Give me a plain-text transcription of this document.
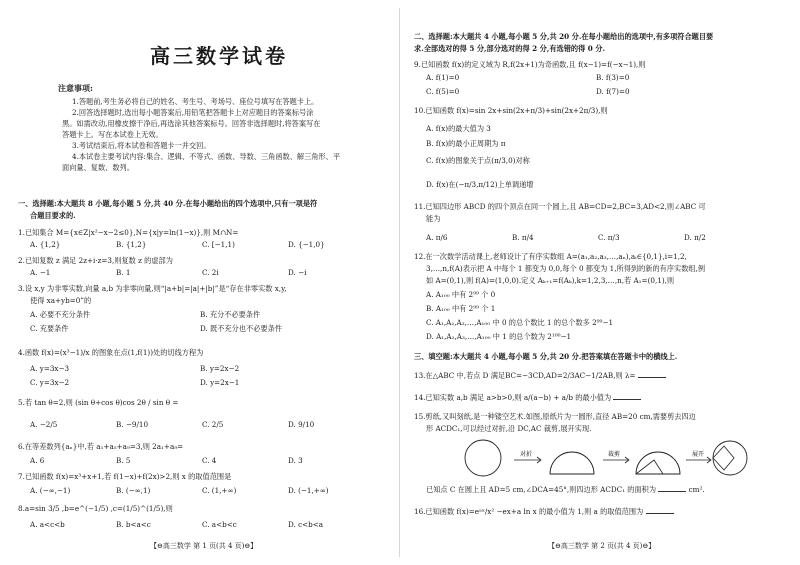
高三数学试卷
注意事项:
1.答题前,考生务必将自己的姓名、考生号、考场号、座位号填写在答题卡上。
2.回答选择题时,选出每小题答案后,用铅笔把答题卡上对应题目的答案标号涂
黑。如需改动,用橡皮擦干净后,再选涂其他答案标号。回答非选择题时,将答案写在
答题卡上。写在本试卷上无效。
3.考试结束后,将本试卷和答题卡一并交回。
4.本试卷主要考试内容:集合、逻辑、不等式、函数、导数、三角函数、解三角形、平
面向量、复数、数列。
一、选择题:本大题共 8 小题,每小题 5 分,共 40 分.在每小题给出的四个选项中,只有一项是符
合题目要求的.
1.已知集合 M={x∈Z|x²−x−2≤0},N={x|y=ln(1−x)},则 M∩N=
A. {1,2}	B. {1,2}	C. [−1,1)	D. {−1,0}
2.已知复数 z 满足 2z+i·z=3,则复数 z 的虚部为
A. −1	B. 1	C. 2i	D. −i
3.设 x,y 为非零实数,向量 a,b 为非零向量,则“|a+b|=|a|+|b|”是“存在非零实数 x,y,
使得 xa+yb=0”的
A. 必要不充分条件	B. 充分不必要条件
C. 充要条件	D. 既不充分也不必要条件
4.函数 f(x)=(x³−1)/x 的图象在点(1,f(1))处的切线方程为
A. y=3x−3	B. y=2x−2
C. y=3x−2	D. y=2x−1
5.若 tan θ=2,则 (sin θ+cos θ)cos 2θ / sin θ =
A. −2/5	B. −9/10	C. 2/5	D. 9/10
6.在等差数列{aₙ}中,若 a₁+a₅+a₉=3,则 2a₁+a₉=
A. 6	B. 5	C. 4	D. 3
7.已知函数 f(x)=x³+x+1,若 f(1−x)+f(2x)>2,则 x 的取值范围是
A. (−∞,−1)	B. (−∞,1)	C. (1,+∞)	D. (−1,+∞)
8.a=sin 3/5 ,b=e^(−1/5) ,c=(1/5)^(1/5),则
A. a<c<b	B. b<a<c	C. a<b<c	D. c<b<a
【⊖高三数学 第 1 页(共 4 页)⊖】
二、选择题:本大题共 4 小题,每小题 5 分,共 20 分.在每小题给出的选项中,有多项符合题目要
求.全部选对的得 5 分,部分选对的得 2 分,有选错的得 0 分.
9.已知函数 f(x)的定义域为 R,f(2x+1)为奇函数,且 f(x−1)=f(−x−1),则
A. f(1)=0	B. f(3)=0
C. f(5)=0	D. f(7)=0
10.已知函数 f(x)=sin 2x+sin(2x+π/3)+sin(2x+2π/3),则
A. f(x)的最大值为 3
B. f(x)的最小正周期为 π
C. f(x)的图象关于点(π/3,0)对称
D. f(x)在(−π/3,π/12)上单调递增
11.已知四边形 ABCD 的四个顶点在同一个圆上,且 AB=CD=2,BC=3,AD<2,则∠ABC 可
能为
A. π/6	B. π/4	C. π/3	D. π/2
12.在一次数学活动课上,老师设计了有序实数组 A=(a₁,a₂,a₃,…,aₙ),aᵢ∈{0,1},i=1,2,
3,…,n,f(A)表示把 A 中每个 1 都变为 0,0,每个 0 都变为 1,所得到的新的有序实数组,例
如 A=(0,1),则 f(A)=(1,0,0).定义 Aₖ₊₁=f(Aₖ),k=1,2,3,…,n,若 A₁=(0,1),则
A. A₁₀₀ 中有 2⁹⁹ 个 0
B. A₁₀₀ 中有 2⁹⁹ 个 1
C. A₁,A₂,A₃,…,A₁₀₀ 中 0 的总个数比 1 的总个数多 2⁹⁹−1
D. A₁,A₂,A₃,…,A₁₀₀ 中 1 的总个数为 2¹⁰⁰−1
三、填空题:本大题共 4 小题,每小题 5 分,共 20 分.把答案填在答题卡中的横线上.
13.在△ABC 中,若点 D 满足BC=−3CD,AD=2/3AC−1/2AB,则 λ=
14.已知实数 a,b 满足 a>b>0,则 a/(a−b) + a/b 的最小值为
15.剪纸,又叫刻纸,是一种镂空艺术.如图,原纸片为一圆形,直径 AB=20 cm,需要剪去四边
形 ACDC₁,可以经过对折,沿 DC,AC 裁剪,展开实现.
对折	裁剪	展开
已知点 C 在圆上且 AD=5 cm,∠DCA=45°,则四边形 ACDC₁ 的面积为	cm².
16.已知函数 f(x)=eᵃˣ/x² −ex+a ln x 的最小值为 1,则 a 的取值范围为
【⊖高三数学 第 2 页(共 4 页)⊖】
